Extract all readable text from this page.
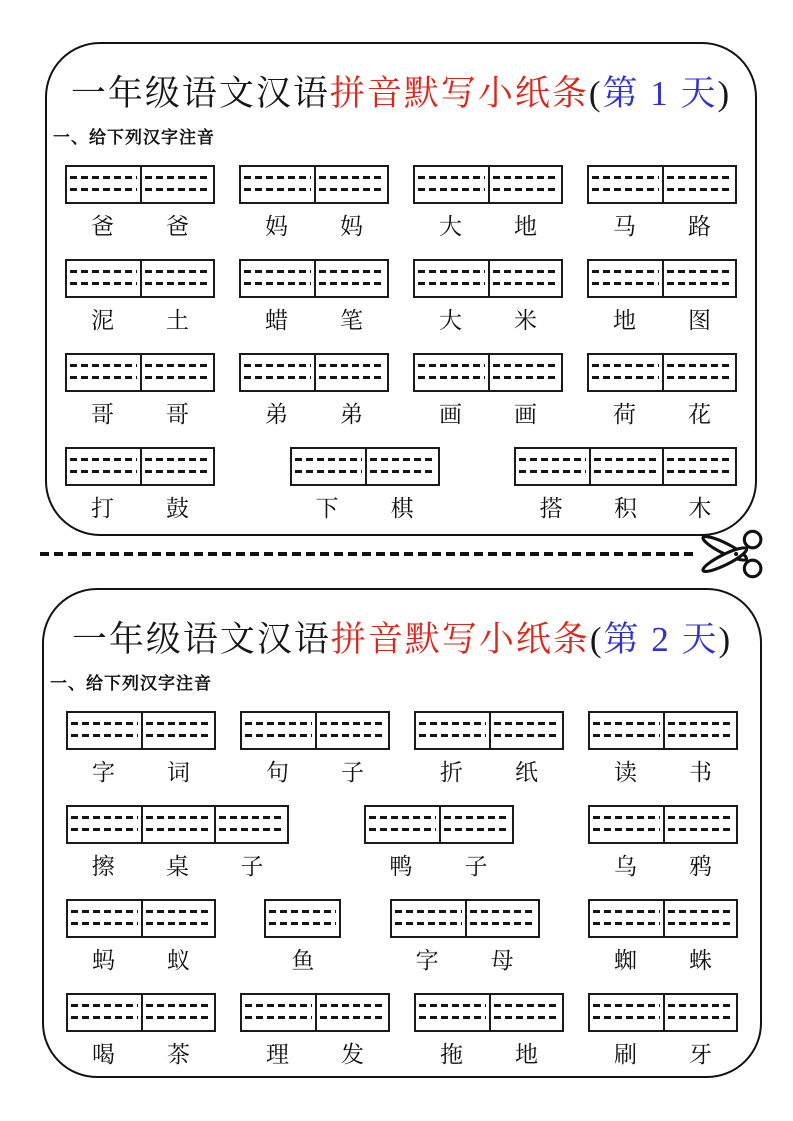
一年级语文汉语拼音默写小纸条(第 1 天)
一、给下列汉字注音
爸	爸	妈	妈	大	地	马	路
泥	土	蜡	笔	大	米	地	图
哥	哥	弟	弟	画	画	荷	花
打	鼓	下	棋	搭	积	木
一年级语文汉语拼音默写小纸条(第 2 天)
一、给下列汉字注音
字	词	句	子	折	纸	读	书
擦	桌	子	鸭	子	乌	鸦
蚂	蚁	鱼	字	母	蜘	蛛
喝	茶	理	发	拖	地	刷	牙
